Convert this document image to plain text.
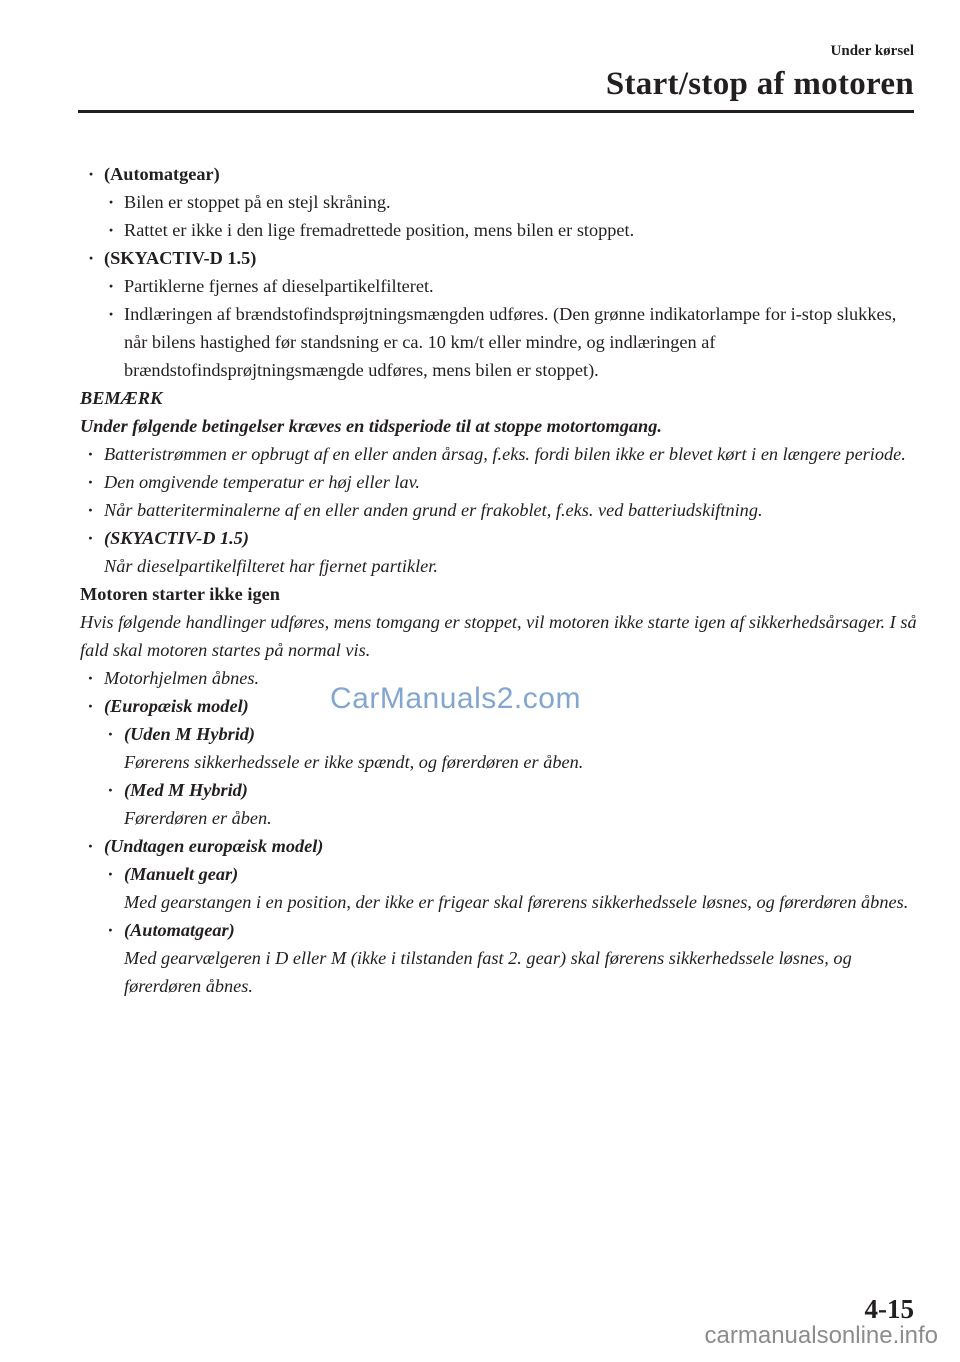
Under kørsel
Start/stop af motoren

· (Automatgear)

· Bilen er stoppet på en stejl skråning.

· Rattet er ikke i den lige fremadrettede position, mens bilen er stoppet.

· (SKYACTIV-D 1.5)

· Partiklerne fjernes af dieselpartikelfilteret.

· Indlæringen af brændstofindsprøjtningsmængden udføres. (Den grønne indikatorlampe for i-stop slukkes, når bilens hastighed før standsning er ca. 10 km/t eller mindre, og indlæringen af brændstofindsprøjtningsmængde udføres, mens bilen er stoppet).

BEMÆRK

Under følgende betingelser kræves en tidsperiode til at stoppe motortomgang.

· Batteristrømmen er opbrugt af en eller anden årsag, f.eks. fordi bilen ikke er blevet kørt i en længere periode.

· Den omgivende temperatur er høj eller lav.

· Når batteriterminalerne af en eller anden grund er frakoblet, f.eks. ved batteriudskiftning.

· (SKYACTIV-D 1.5)

Når dieselpartikelfilteret har fjernet partikler.

Motoren starter ikke igen

Hvis følgende handlinger udføres, mens tomgang er stoppet, vil motoren ikke starte igen af sikkerhedsårsager. I så fald skal motoren startes på normal vis.

· Motorhjelmen åbnes.

· (Europæisk model)

· (Uden M Hybrid)

Førerens sikkerhedssele er ikke spændt, og førerdøren er åben.

· (Med M Hybrid)

Førerdøren er åben.

· (Undtagen europæisk model)

· (Manuelt gear)

Med gearstangen i en position, der ikke er frigear skal førerens sikkerhedssele løsnes, og førerdøren åbnes.

· (Automatgear)

Med gearvælgeren i D eller M (ikke i tilstanden fast 2. gear) skal førerens sikkerhedssele løsnes, og førerdøren åbnes.

CarManuals2.com
4-15
carmanualsonline.info
